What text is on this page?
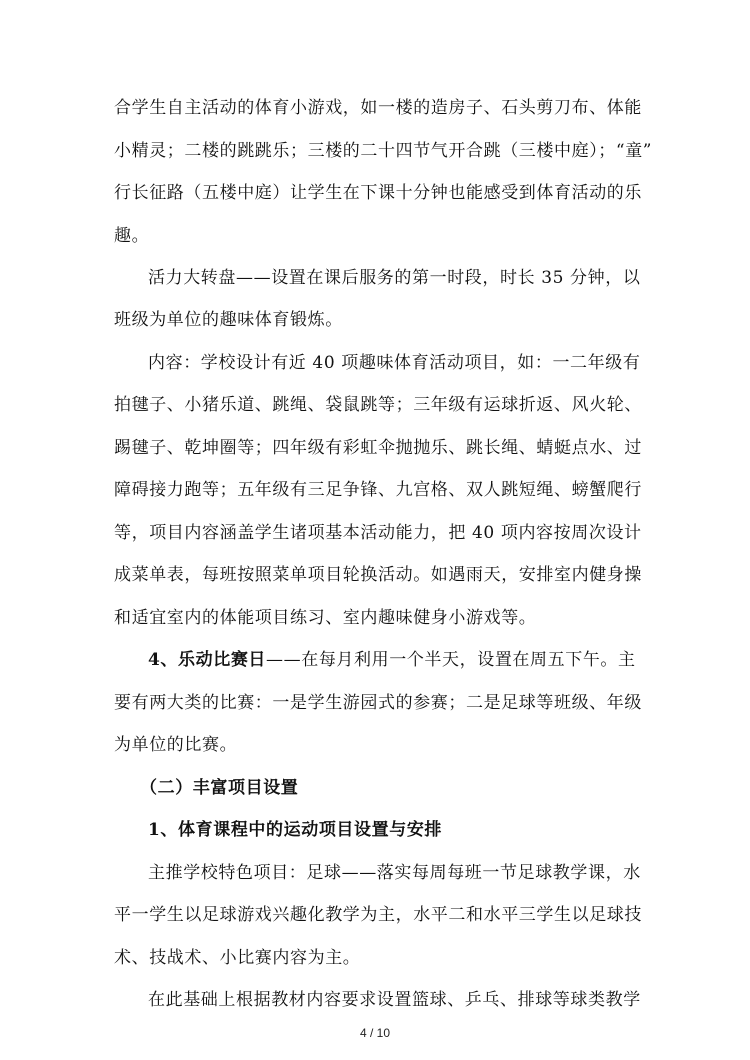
合学生自主活动的体育小游戏，如一楼的造房子、石头剪刀布、体能
小精灵；二楼的跳跳乐；三楼的二十四节气开合跳（三楼中庭）；“童”
行长征路（五楼中庭）让学生在下课十分钟也能感受到体育活动的乐
趣。
活力大转盘——设置在课后服务的第一时段，时长 35 分钟，以
班级为单位的趣味体育锻炼。
内容：学校设计有近 40 项趣味体育活动项目，如：一二年级有
拍毽子、小猪乐道、跳绳、袋鼠跳等；三年级有运球折返、风火轮、
踢毽子、乾坤圈等；四年级有彩虹伞抛抛乐、跳长绳、蜻蜓点水、过
障碍接力跑等；五年级有三足争锋、九宫格、双人跳短绳、螃蟹爬行
等，项目内容涵盖学生诸项基本活动能力，把 40 项内容按周次设计
成菜单表，每班按照菜单项目轮换活动。如遇雨天，安排室内健身操
和适宜室内的体能项目练习、室内趣味健身小游戏等。
4、乐动比赛日——在每月利用一个半天，设置在周五下午。主
要有两大类的比赛：一是学生游园式的参赛；二是足球等班级、年级
为单位的比赛。
（二）丰富项目设置
1、体育课程中的运动项目设置与安排
主推学校特色项目：足球——落实每周每班一节足球教学课，水
平一学生以足球游戏兴趣化教学为主，水平二和水平三学生以足球技
术、技战术、小比赛内容为主。
在此基础上根据教材内容要求设置篮球、乒乓、排球等球类教学
4 / 10
